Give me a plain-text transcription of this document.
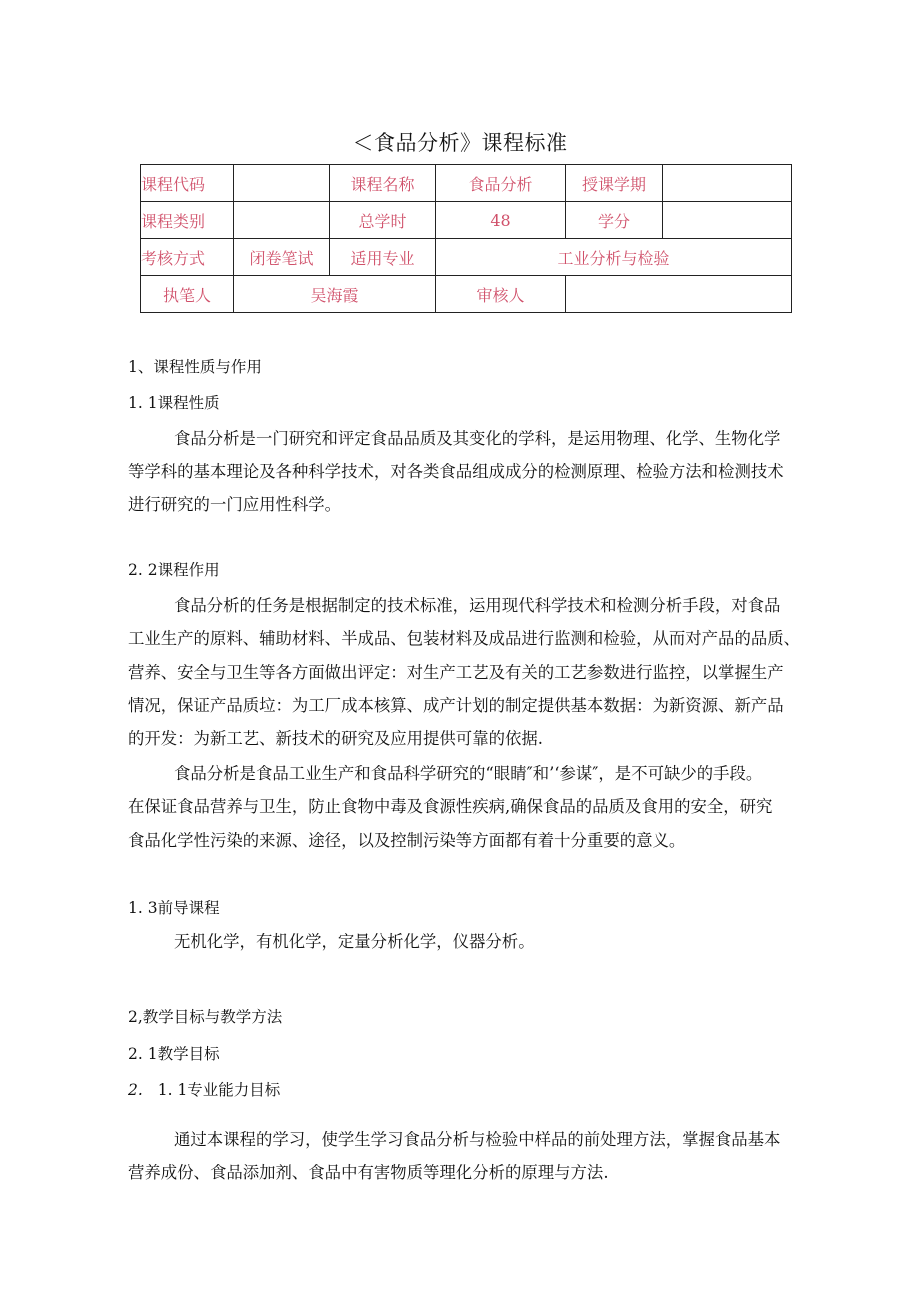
＜食品分析》课程标准
课程代码		课程名称	食品分析	授课学期	
课程类别		总学时	48	学分	
考核方式	闭卷笔试	适用专业	工业分析与检验		
执笔人	吴海霞		审核人		
1、课程性质与作用
1. 1课程性质
食品分析是一门研究和评定食品品质及其变化的学科，是运用物理、化学、生物化学
等学科的基本理论及各种科学技术，对各类食品组成成分的检测原理、检验方法和检测技术
进行研究的一门应用性科学。
2. 2课程作用
食品分析的任务是根据制定的技术标准，运用现代科学技术和检测分析手段，对食品
工业生产的原料、辅助材料、半成品、包装材料及成品进行监测和检验，从而对产品的品质、
营养、安全与卫生等各方面做出评定：对生产工艺及有关的工艺参数进行监控，以掌握生产
情况，保证产品质垃：为工厂成本核算、成产计划的制定提供基本数据：为新资源、新产品
的开发：为新工艺、新技术的研究及应用提供可靠的依据.
食品分析是食品工业生产和食品科学研究的“眼睛″和’‘参谋″，是不可缺少的手段。
在保证食品营养与卫生，防止食物中毒及食源性疾病,确保食品的品质及食用的安全，研究
食品化学性污染的来源、途径，以及控制污染等方面都有着十分重要的意义。
1. 3前导课程
无机化学，有机化学，定量分析化学，仪器分析。
2,教学目标与教学方法
2. 1教学目标
2. 1. 1专业能力目标
通过本课程的学习，使学生学习食品分析与检验中样品的前处理方法，掌握食品基本
营养成份、食品添加剂、食品中有害物质等理化分析的原理与方法.
